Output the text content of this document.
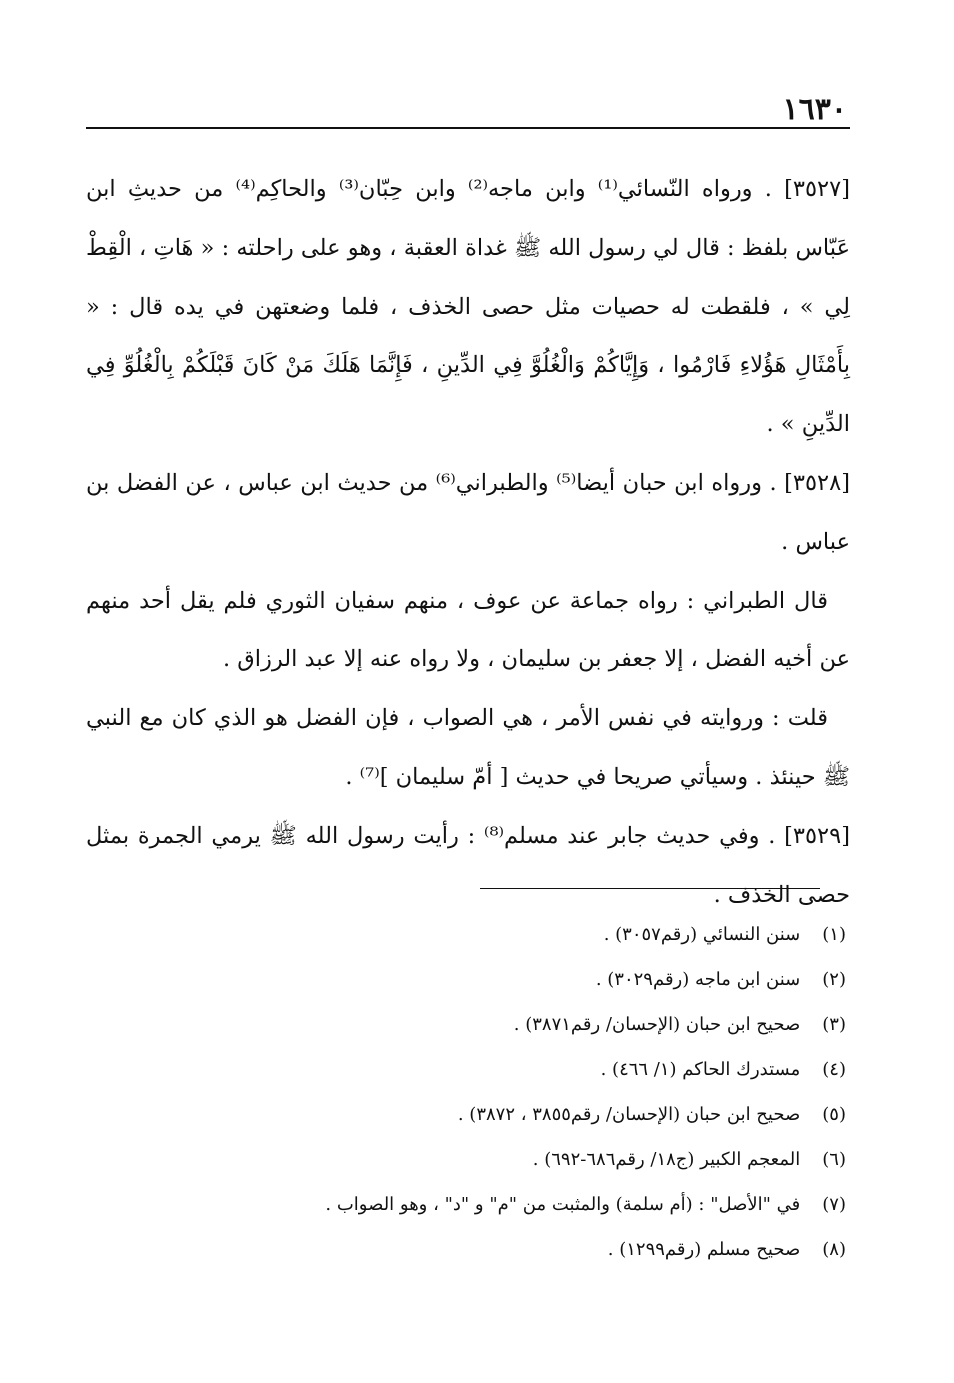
١٦٣٠

[٣٥٢٧] . ورواه النّسائي⁽¹⁾ وابن ماجه⁽²⁾ وابن حِبّان⁽³⁾ والحاكِم⁽⁴⁾ من حديثِ ابن عَبّاس بلفظ : قال لي رسول الله ﷺ غداة العقبة ، وهو على راحلته : « هَاتِ ، الْقِطْ لِي » ، فلقطت له حصيات مثل حصى الخذف ، فلما وضعتهن في يده قال : « بِأَمْثَالِ هَؤُلاءِ فَارْمُوا ، وَإِيَّاكُمْ وَالْغُلُوَّ فِي الدِّينِ ، فَإِنَّمَا هَلَكَ مَنْ كَانَ قَبْلَكُمْ بِالْغُلُوِّ فِي الدِّينِ » .

[٣٥٢٨] . ورواه ابن حبان أيضا⁽⁵⁾ والطبراني⁽⁶⁾ من حديث ابن عباس ، عن الفضل بن عباس .

قال الطبراني : رواه جماعة عن عوف ، منهم سفيان الثوري فلم يقل أحد منهم عن أخيه الفضل ، إلا جعفر بن سليمان ، ولا رواه عنه إلا عبد الرزاق .

قلت : وروايته في نفس الأمر ، هي الصواب ، فإن الفضل هو الذي كان مع النبي ﷺ حينئذ . وسيأتي صريحا في حديث [ أمّ سليمان ]⁽⁷⁾ .

[٣٥٢٩] . وفي حديث جابر عند مسلم⁽⁸⁾ : رأيت رسول الله ﷺ يرمي الجمرة بمثل حصى الخذف .

(١) سنن النسائي (رقم٣٠٥٧) .

(٢) سنن ابن ماجه (رقم٣٠٢٩) .

(٣) صحيح ابن حبان (الإحسان/ رقم٣٨٧١) .

(٤) مستدرك الحاكم (١/ ٤٦٦) .

(٥) صحيح ابن حبان (الإحسان/ رقم٣٨٥٥ ، ٣٨٧٢) .

(٦) المعجم الكبير (ج١٨/ رقم٦٨٦-٦٩٢) .

(٧) في "الأصل" : (أم سلمة) والمثبت من "م" و "د" ، وهو الصواب .

(٨) صحيح مسلم (رقم١٢٩٩) .
